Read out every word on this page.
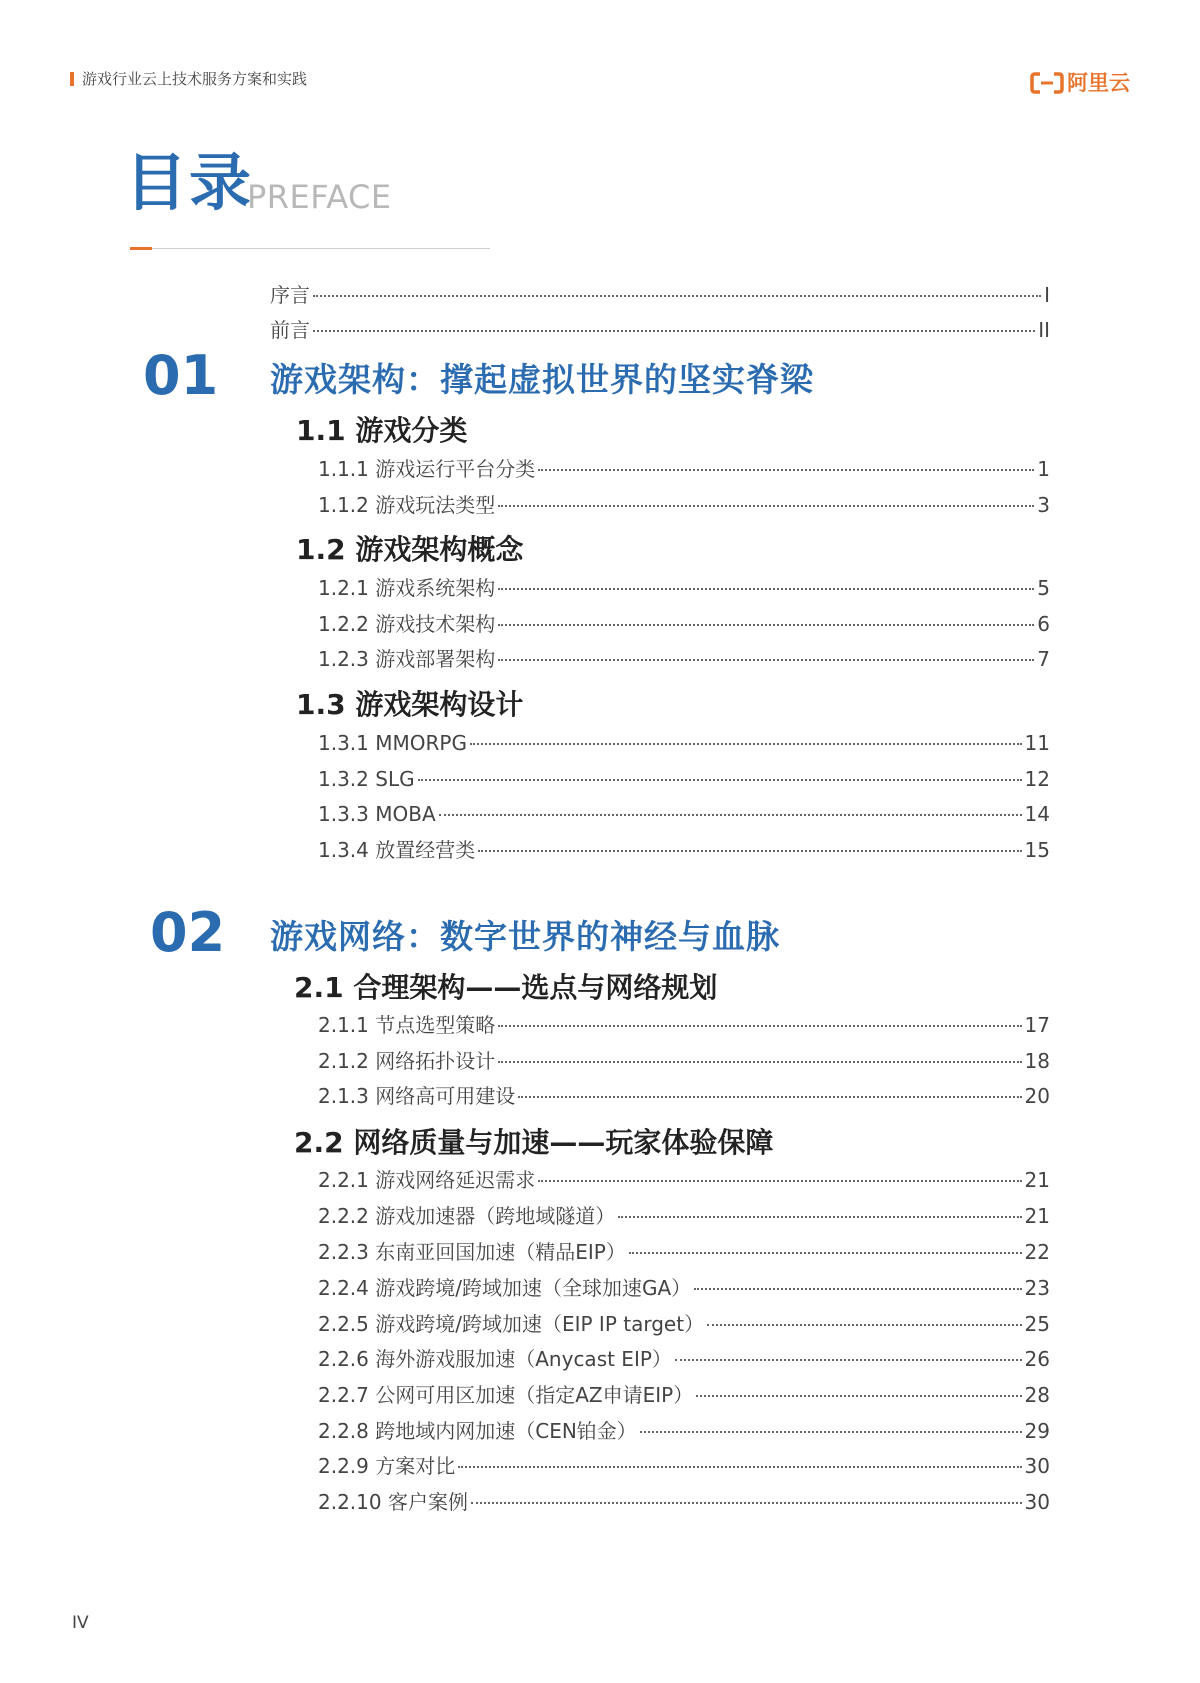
游戏行业云上技术服务方案和实践	阿里云
目录
PREFACE
序言	I
前言	II
01 游戏架构：撑起虚拟世界的坚实脊梁
1.1 游戏分类
1.1.1 游戏运行平台分类	1
1.1.2 游戏玩法类型	3
1.2 游戏架构概念
1.2.1 游戏系统架构	5
1.2.2 游戏技术架构	6
1.2.3 游戏部署架构	7
1.3 游戏架构设计
1.3.1 MMORPG	11
1.3.2 SLG	12
1.3.3 MOBA	14
1.3.4 放置经营类	15
02 游戏网络：数字世界的神经与血脉
2.1 合理架构——选点与网络规划
2.1.1 节点选型策略	17
2.1.2 网络拓扑设计	18
2.1.3 网络高可用建设	20
2.2 网络质量与加速——玩家体验保障
2.2.1 游戏网络延迟需求	21
2.2.2 游戏加速器（跨地域隧道）	21
2.2.3 东南亚回国加速（精品EIP）	22
2.2.4 游戏跨境/跨域加速（全球加速GA）	23
2.2.5 游戏跨境/跨域加速（EIP IP target）	25
2.2.6 海外游戏服加速（Anycast EIP）	26
2.2.7 公网可用区加速（指定AZ申请EIP）	28
2.2.8 跨地域内网加速（CEN铂金）	29
2.2.9 方案对比	30
2.2.10 客户案例	30
IV
